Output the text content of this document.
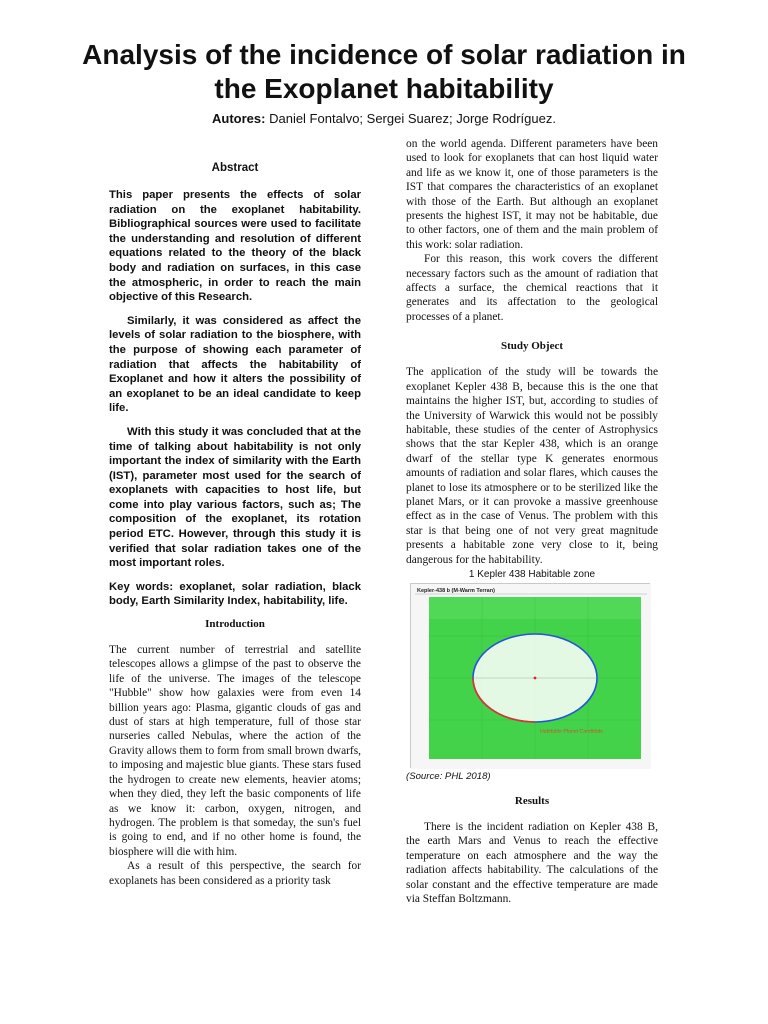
Analysis of the incidence of solar radiation in the Exoplanet habitability
Autores: Daniel Fontalvo; Sergei Suarez; Jorge Rodríguez.
Abstract

This paper presents the effects of solar radiation on the exoplanet habitability. Bibliographical sources were used to facilitate the understanding and resolution of different equations related to the theory of the black body and radiation on surfaces, in this case the atmospheric, in order to reach the main objective of this Research.

Similarly, it was considered as affect the levels of solar radiation to the biosphere, with the purpose of showing each parameter of radiation that affects the habitability of Exoplanet and how it alters the possibility of an exoplanet to be an ideal candidate to keep life.

With this study it was concluded that at the time of talking about habitability is not only important the index of similarity with the Earth (IST), parameter most used for the search of exoplanets with capacities to host life, but come into play various factors, such as; The composition of the exoplanet, its rotation period ETC. However, through this study it is verified that solar radiation takes one of the most important roles.

Key words: exoplanet, solar radiation, black body, Earth Similarity Index, habitability, life.

Introduction

The current number of terrestrial and satellite telescopes allows a glimpse of the past to observe the life of the universe. The images of the telescope "Hubble" show how galaxies were from even 14 billion years ago: Plasma, gigantic clouds of gas and dust of stars at high temperature, full of those star nurseries called Nebulas, where the action of the Gravity allows them to form from small brown dwarfs, to imposing and majestic blue giants. These stars fused the hydrogen to create new elements, heavier atoms; when they died, they left the basic components of life as we know it: carbon, oxygen, nitrogen, and hydrogen. The problem is that someday, the sun's fuel is going to end, and if no other home is found, the biosphere will die with him.

As a result of this perspective, the search for exoplanets has been considered as a priority task

on the world agenda. Different parameters have been used to look for exoplanets that can host liquid water and life as we know it, one of those parameters is the IST that compares the characteristics of an exoplanet with those of the Earth. But although an exoplanet presents the highest IST, it may not be habitable, due to other factors, one of them and the main problem of this work: solar radiation.

For this reason, this work covers the different necessary factors such as the amount of radiation that affects a surface, the chemical reactions that it generates and its affectation to the geological processes of a planet.

Study Object

The application of the study will be towards the exoplanet Kepler 438 B, because this is the one that maintains the higher IST, but, according to studies of the University of Warwick this would not be possibly habitable, these studies of the center of Astrophysics shows that the star Kepler 438, which is an orange dwarf of the stellar type K generates enormous amounts of radiation and solar flares, which causes the planet to lose its atmosphere or to be sterilized like the planet Mars, or it can provoke a massive greenhouse effect as in the case of Venus. The problem with this star is that being one of not very great magnitude presents a habitable zone very close to it, being dangerous for the habitability.

1 Kepler 438 Habitable zone
Kepler-438 b (M-Warm Terran)
Habitable Planet Candidate
(Source: PHL 2018)
Results

There is the incident radiation on Kepler 438 B, the earth Mars and Venus to reach the effective temperature on each atmosphere and the way the radiation affects habitability. The calculations of the solar constant and the effective temperature are made via Steffan Boltzmann.
